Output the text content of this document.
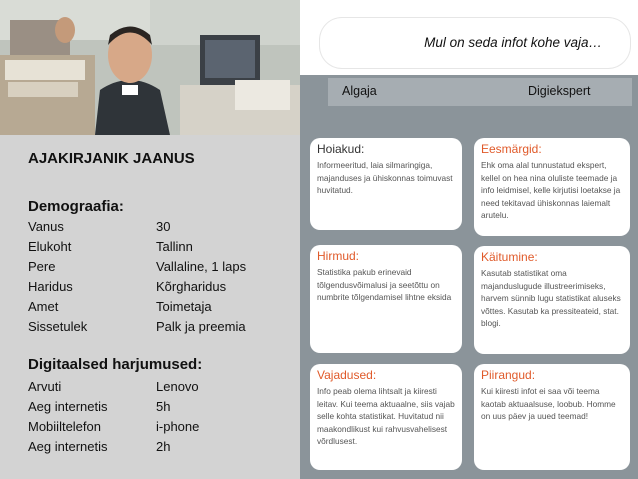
AJAKIRJANIK JAANUS
Demograafia:
Vanus	30
Elukoht	Tallinn
Pere	Vallaline, 1 laps
Haridus	Kõrgharidus
Amet	Toimetaja
Sissetulek	Palk ja preemia
Digitaalsed harjumused:
Arvuti	Lenovo
Aeg internetis	5h
Mobiiltelefon	i-phone
Aeg internetis	2h
Algaja	Digiekspert
Mul on seda infot kohe vaja…
Hoiakud:
Informeeritud, laia silmaringiga, majanduses ja ühiskonnas toimuvast huvitatud.
Eesmärgid:
Ehk oma alal tunnustatud ekspert, kellel on hea nina oluliste teemade ja info leidmisel, kelle kirjutisi loetakse ja need tekitavad ühiskonnas laiemalt arutelu.
Hirmud:
Statistika pakub erinevaid tõlgendusvõimalusi ja seetõttu on numbrite tõlgendamisel lihtne eksida
Käitumine:
Kasutab statistikat oma majanduslugude illustreerimiseks, harvem sünnib lugu statistikat aluseks võttes. Kasutab ka pressiteateid, stat. blogi.
Vajadused:
Info peab olema lihtsalt ja kiiresti leitav. Kui teema aktuaalne, siis vajab selle kohta statistikat. Huvitatud nii maakondlikust kui rahvusvahelisest võrdlusest.
Piirangud:
Kui kiiresti infot ei saa või teema kaotab aktuaalsuse, loobub. Homme on uus päev ja uued teemad!
